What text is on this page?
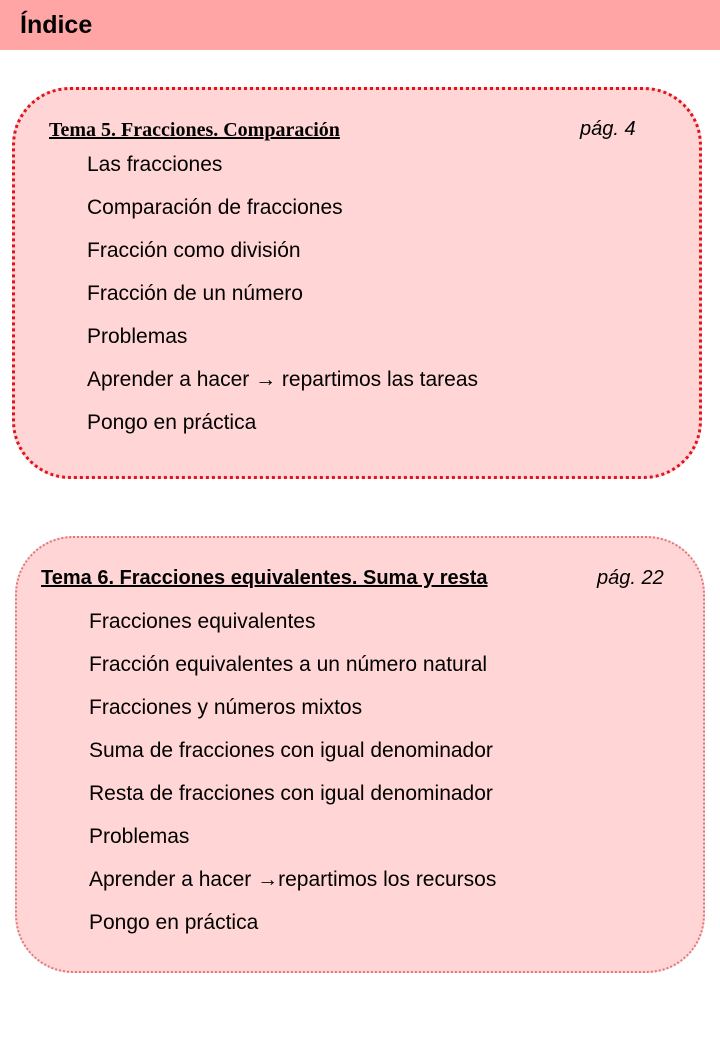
Índice
Tema 5. Fracciones. Comparación	pág. 4
Las fracciones
Comparación de fracciones
Fracción como división
Fracción de un número
Problemas
Aprender a hacer → repartimos las tareas
Pongo en práctica
Tema 6. Fracciones equivalentes. Suma y resta	pág. 22
Fracciones equivalentes
Fracción equivalentes a un número natural
Fracciones y números mixtos
Suma de fracciones con igual denominador
Resta de fracciones con igual denominador
Problemas
Aprender a hacer →repartimos los recursos
Pongo en práctica
